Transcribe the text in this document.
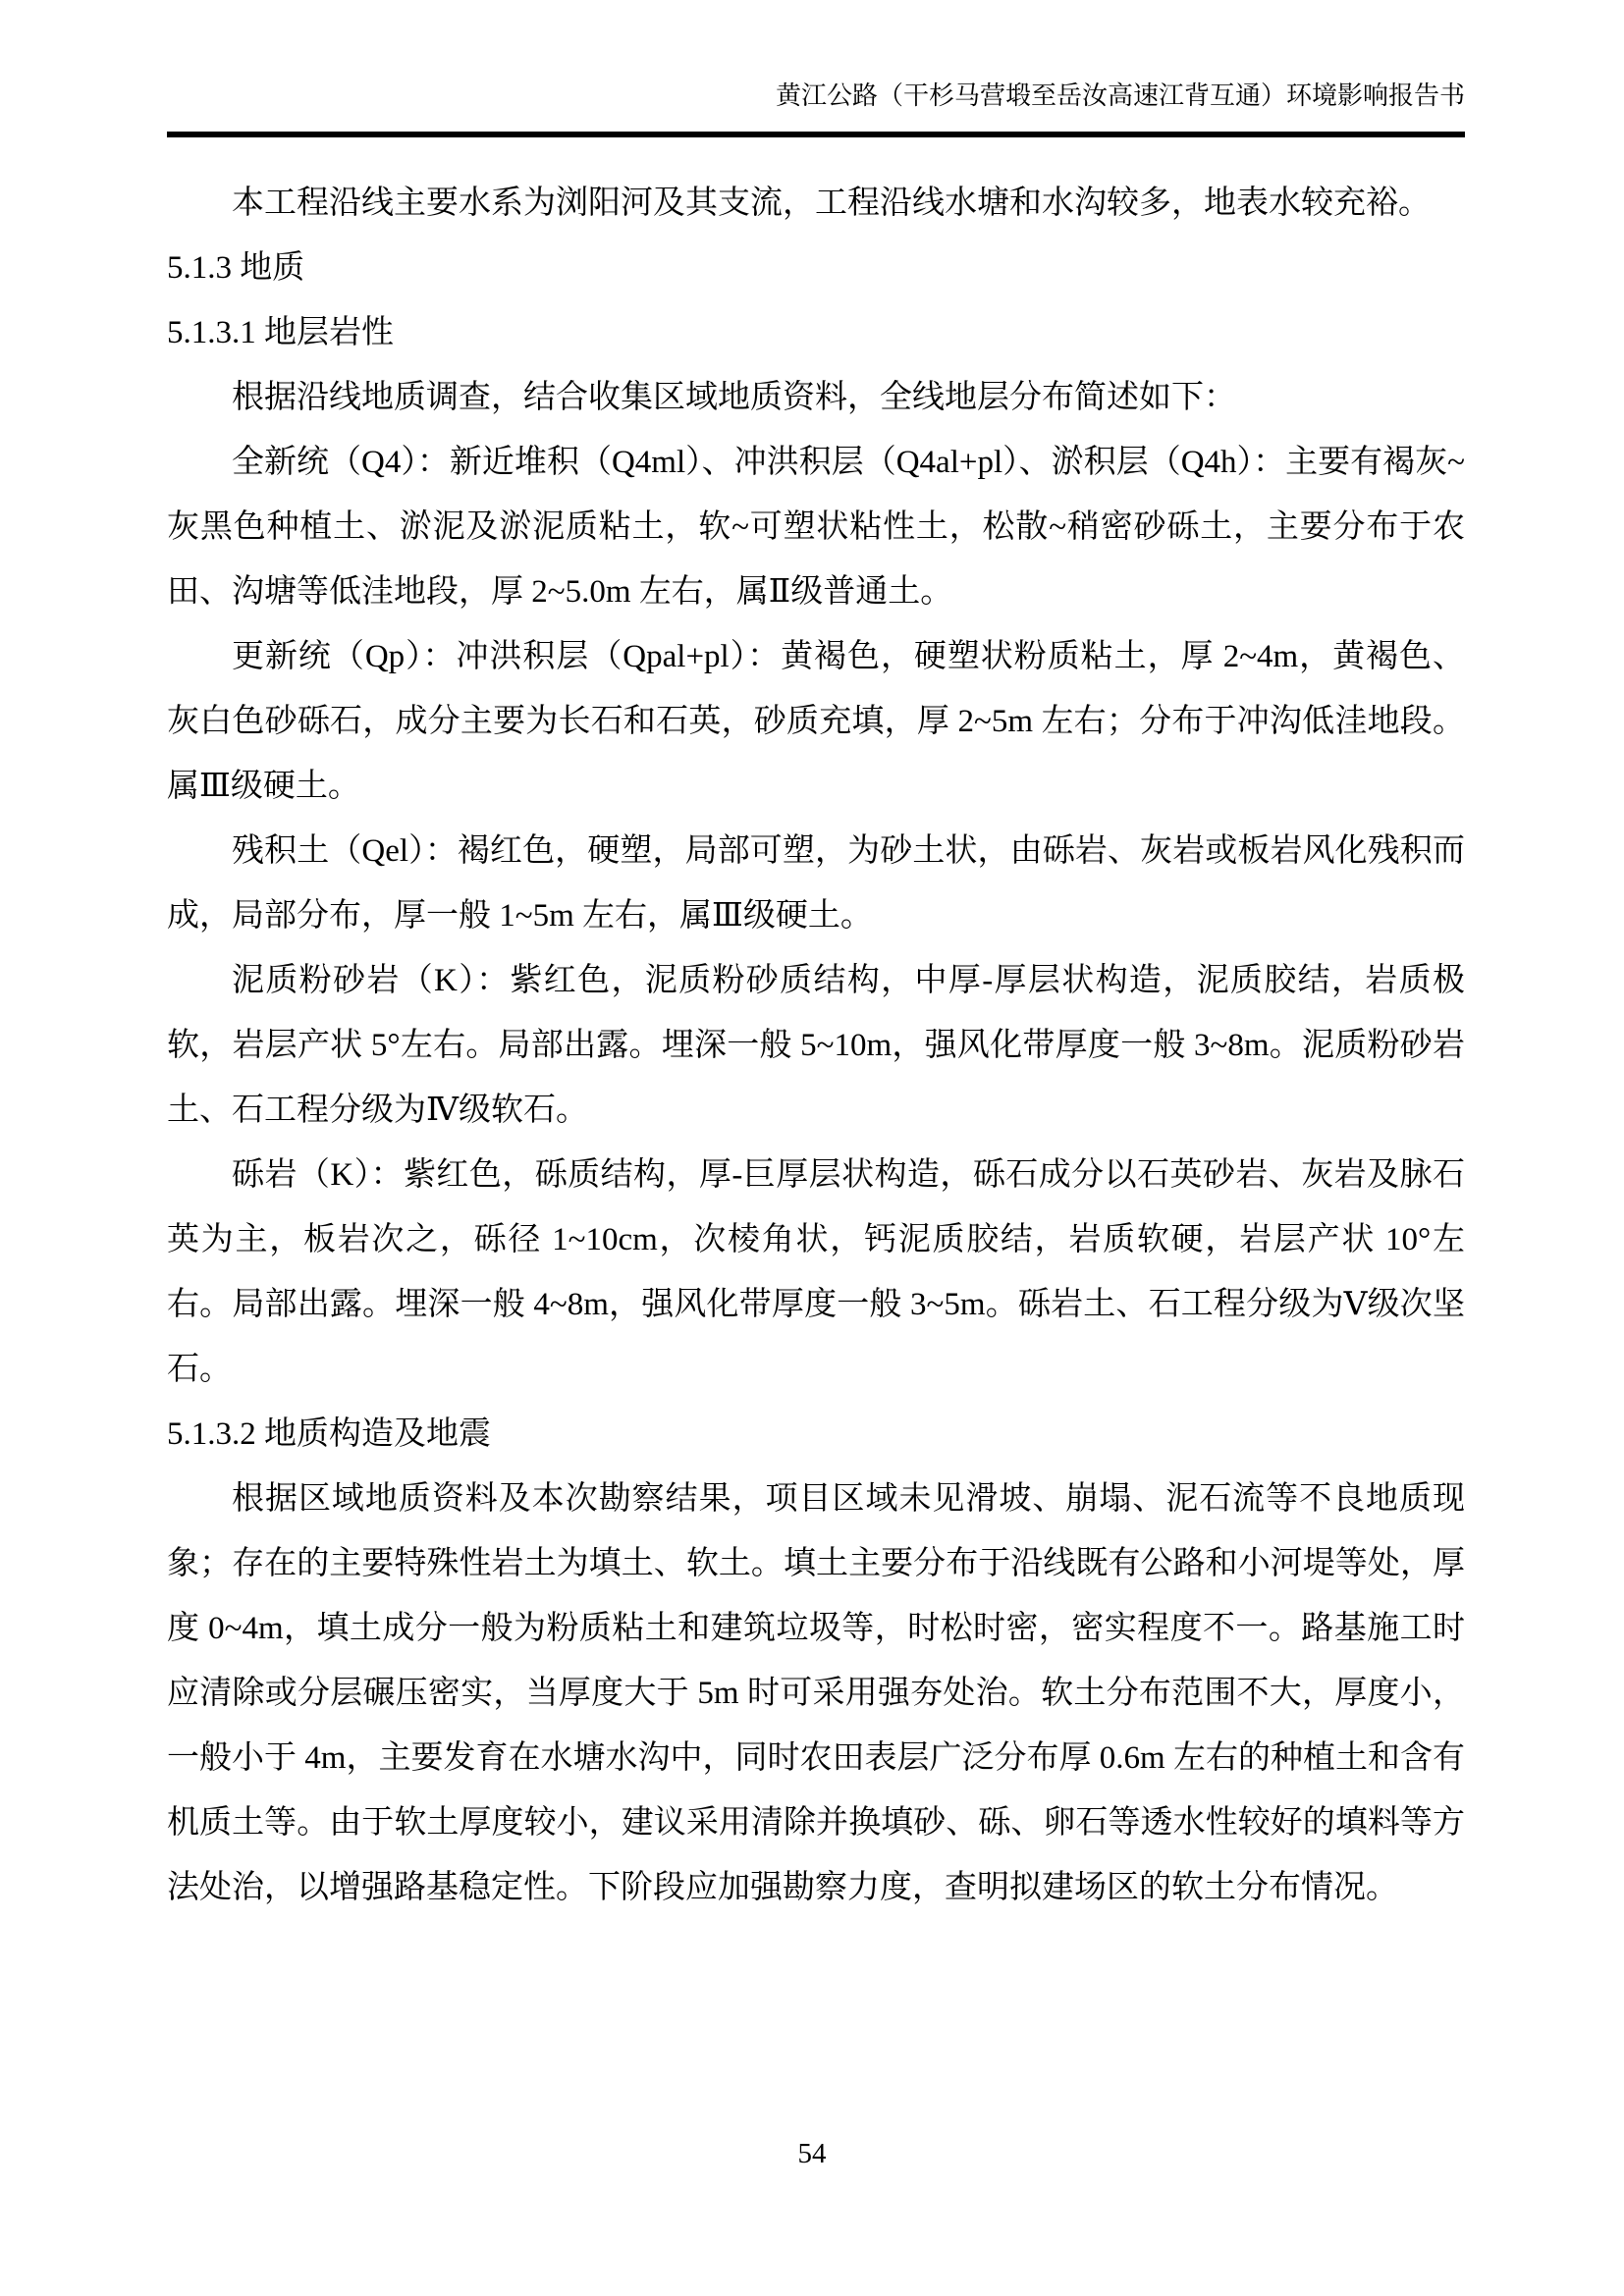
黄江公路（干杉马营塅至岳汝高速江背互通）环境影响报告书

本工程沿线主要水系为浏阳河及其支流，工程沿线水塘和水沟较多，地表水较充裕。

5.1.3 地质

5.1.3.1 地层岩性

根据沿线地质调查，结合收集区域地质资料，全线地层分布简述如下：

全新统（Q4）：新近堆积（Q4ml）、冲洪积层（Q4al+pl）、淤积层（Q4h）：主要有褐灰~灰黑色种植土、淤泥及淤泥质粘土，软~可塑状粘性土，松散~稍密砂砾土，主要分布于农田、沟塘等低洼地段，厚 2~5.0m 左右，属Ⅱ级普通土。

更新统（Qp）：冲洪积层（Qpal+pl）：黄褐色，硬塑状粉质粘土，厚 2~4m，黄褐色、灰白色砂砾石，成分主要为长石和石英，砂质充填，厚 2~5m 左右；分布于冲沟低洼地段。属Ⅲ级硬土。

残积土（Qel）：褐红色，硬塑，局部可塑，为砂土状，由砾岩、灰岩或板岩风化残积而成，局部分布，厚一般 1~5m 左右，属Ⅲ级硬土。

泥质粉砂岩（K）：紫红色，泥质粉砂质结构，中厚-厚层状构造，泥质胶结，岩质极软，岩层产状 5°左右。局部出露。埋深一般 5~10m，强风化带厚度一般 3~8m。泥质粉砂岩土、石工程分级为Ⅳ级软石。

砾岩（K）：紫红色，砾质结构，厚-巨厚层状构造，砾石成分以石英砂岩、灰岩及脉石英为主，板岩次之，砾径 1~10cm，次棱角状，钙泥质胶结，岩质软硬，岩层产状 10°左右。局部出露。埋深一般 4~8m，强风化带厚度一般 3~5m。砾岩土、石工程分级为Ⅴ级次坚石。

5.1.3.2 地质构造及地震

根据区域地质资料及本次勘察结果，项目区域未见滑坡、崩塌、泥石流等不良地质现象；存在的主要特殊性岩土为填土、软土。填土主要分布于沿线既有公路和小河堤等处，厚度 0~4m，填土成分一般为粉质粘土和建筑垃圾等，时松时密，密实程度不一。路基施工时应清除或分层碾压密实，当厚度大于 5m 时可采用强夯处治。软土分布范围不大，厚度小，一般小于 4m，主要发育在水塘水沟中，同时农田表层广泛分布厚 0.6m 左右的种植土和含有机质土等。由于软土厚度较小，建议采用清除并换填砂、砾、卵石等透水性较好的填料等方法处治，以增强路基稳定性。下阶段应加强勘察力度，查明拟建场区的软土分布情况。

54
